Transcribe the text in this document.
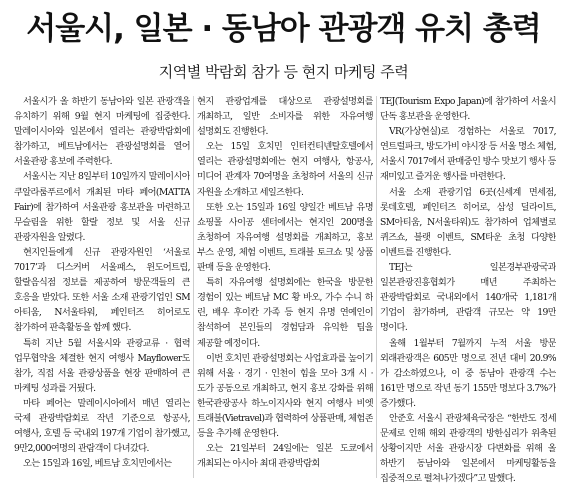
서울시, 일본 · 동남아 관광객 유치 총력
지역별 박람회 참가 등 현지 마케팅 주력

서울시가 올 하반기 동남아와 일본 관광객을 유치하기 위해 9월 현지 마케팅에 집중한다. 말레이시아와 일본에서 열리는 관광박람회에 참가하고, 베트남에서는 관광설명회를 열어 서울관광 홍보에 주력한다.

서울시는 지난 8일부터 10일까지 말레이시아 쿠알라룸푸르에서 개최된 마타 페어(MATTA Fair)에 참가하여 서울관광 홍보관을 마련하고 무슬림을 위한 할랄 정보 및 서울 신규 관광자원을 알렸다.

현지인들에게 신규 관광자원인 ‘서울로 7017’과 디스커버 서울패스, 윈도어트립, 할랄음식점 정보를 제공하여 방문객들의 큰 호응을 받았다. 또한 서울 소재 관광기업인 SM 아티움, N서울타워, 페인터즈 히어로도 참가하여 판촉활동을 함께 했다.

특히 지난 5월 서울시와 관광교류 · 협력 업무협약을 체결한 현지 여행사 Mayflower도 참가, 직접 서울 관광상품을 현장 판매하여 큰 마케팅 성과를 거뒀다.

마타 페어는 말레이시아에서 매년 열리는 국제 관광박람회로 작년 기준으로 항공사, 여행사, 호텔 등 국내외 197개 기업이 참가했고, 9만2,000여명의 관람객이 다녀갔다.

오는 15일과 16일, 베트남 호치민에서는

현지 관광업계를 대상으로 관광설명회를 개최하고, 일반 소비자를 위한 자유여행 설명회도 진행한다.

오는 15일 호치민 인터컨티넨탈호텔에서 열리는 관광설명회에는 현지 여행사, 항공사, 미디어 관계자 70여명을 초청하여 서울의 신규 자원을 소개하고 세일즈한다.

또한 오는 15일과 16일 양일간 베트남 유명 쇼핑몰 사이공 센터에서는 현지인 200명을 초청하여 자유여행 설명회를 개최하고, 홍보 부스 운영, 체험 이벤트, 트래블 토크쇼 및 상품 판매 등을 운영한다.

특히 자유여행 설명회에는 한국을 방문한 경험이 있는 베트남 MC 황 바오, 가수 수니 하 린, 배우 후이칸 가족 등 현지 유명 연예인이 참석하여 본인들의 경험담과 유익한 팁을 제공할 예정이다.

이번 호치민 관광설명회는 사업효과를 높이기 위해 서울 · 경기 · 인천이 힘을 모아 3개 시 · 도가 공동으로 개최하고, 현지 홍보 강화를 위해 한국관광공사 하노이지사와 현지 여행사 비엣 트래블(Vietravel)과 협력하여 상품판매, 체험존 등을 추가해 운영한다.

오는 21일부터 24일에는 일본 도쿄에서 개최되는 아시아 최대 관광박람회

TEJ(Tourism Expo Japan)에 참가하여 서울시 단독 홍보관을 운영한다.

VR(가상현실)로 경험하는 서울로 7017, 연트럴파크, 방도가비 야시장 등 서울 명소 체험, 서울시 7017에서 판매중인 방수 맛보기 행사 등 재미있고 즐거운 행사를 마련한다.

서울 소재 관광기업 6곳(신세계 면세점, 롯데호텔, 페인터즈 히어로, 삼성 딜라이트, SM아티움, N서울타워)도 참가하여 업체별로 퀴즈쇼, 블랫 이벤트, SM타운 초청 다양한 이벤트를 진행한다.

TEJ는 일본경부관광국과 일본관광진흥협회가 매년 주최하는 관광박람회로 국내외에서 140개국 1,181개 기업이 참가하며, 관람객 규모는 약 19만 명이다.

올해 1월부터 7월까지 누적 서울 방문 외래관광객은 605만 명으로 전년 대비 20.9%가 감소하였으나, 이 중 동남아 관광객 수는 161만 명으로 작년 동기 155만 명보다 3.7%가 증가했다.

안준호 서울시 관광체육국장은 “한반도 정세 문제로 인해 해외 관광객의 방한심리가 위축된 상황이지만 서울 관광시장 다변화를 위해 올 하반기 동남아와 일본에서 마케팅활동을 집중적으로 펼쳐나가겠다”고 말했다.
